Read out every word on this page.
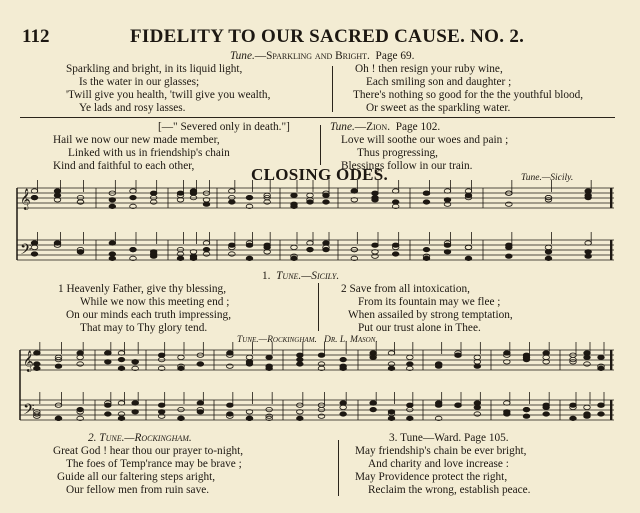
112	FIDELITY TO OUR SACRED CAUSE. NO. 2.
Tune.—Sparkling and Bright. Page 69.
Sparkling and bright, in its liquid light,
Is the water in our glasses;
'Twill give you health, 'twill give you wealth,
Ye lads and rosy lasses.
Oh ! then resign your ruby wine,
Each smiling son and daughter ;
There's nothing so good for the the youthful blood,
Or sweet as the sparkling water.
[—" Severed only in death."]
Hail we now our new made member,
Linked with us in friendship's chain
Kind and faithful to each other,
Tune.—Zion. Page 102.
Love will soothe our woes and pain ;
Thus progressing,
Blessings follow in our train.
CLOSING ODES.	Tune.—Sicily.
𝄞
𝄢
1. Tune.—Sicily.
1 Heavenly Father, give thy blessing,
While we now this meeting end ;
On our minds each truth impressing,
That may to Thy glory tend.
2 Save from all intoxication,
From its fountain may we flee ;
When assailed by strong temptation,
Put our trust alone in Thee.
Tune.—Rockingham. Dr. L. Mason.
𝄞
𝄢
2. Tune.—Rockingham.
Great God ! hear thou our prayer to-night,
The foes of Temp'rance may be brave ;
Guide all our faltering steps aright,
Our fellow men from ruin save.
3. Tune—Ward. Page 105.
May friendship's chain be ever bright,
And charity and love increase :
May Providence protect the right,
Reclaim the wrong, establish peace.
